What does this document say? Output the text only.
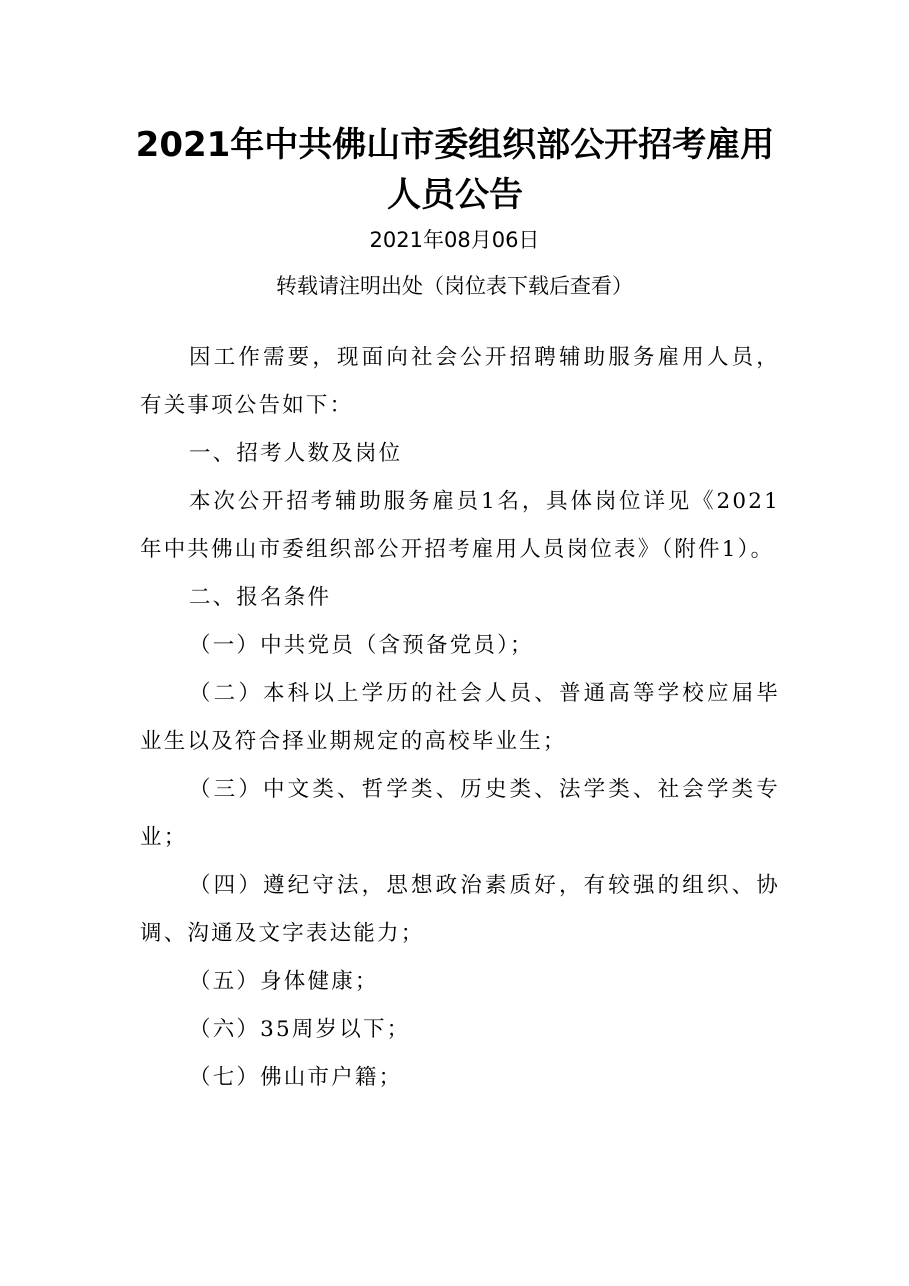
2021年中共佛山市委组织部公开招考雇用人员公告
2021年08月06日
转载请注明出处（岗位表下载后查看）

因工作需要，现面向社会公开招聘辅助服务雇用人员，有关事项公告如下：

一、招考人数及岗位

本次公开招考辅助服务雇员1名，具体岗位详见《2021年中共佛山市委组织部公开招考雇用人员岗位表》（附件1）。

二、报名条件

（一）中共党员（含预备党员）；

（二）本科以上学历的社会人员、普通高等学校应届毕业生以及符合择业期规定的高校毕业生；

（三）中文类、哲学类、历史类、法学类、社会学类专业；

（四）遵纪守法，思想政治素质好，有较强的组织、协调、沟通及文字表达能力；

（五）身体健康；

（六）35周岁以下；

（七）佛山市户籍；
